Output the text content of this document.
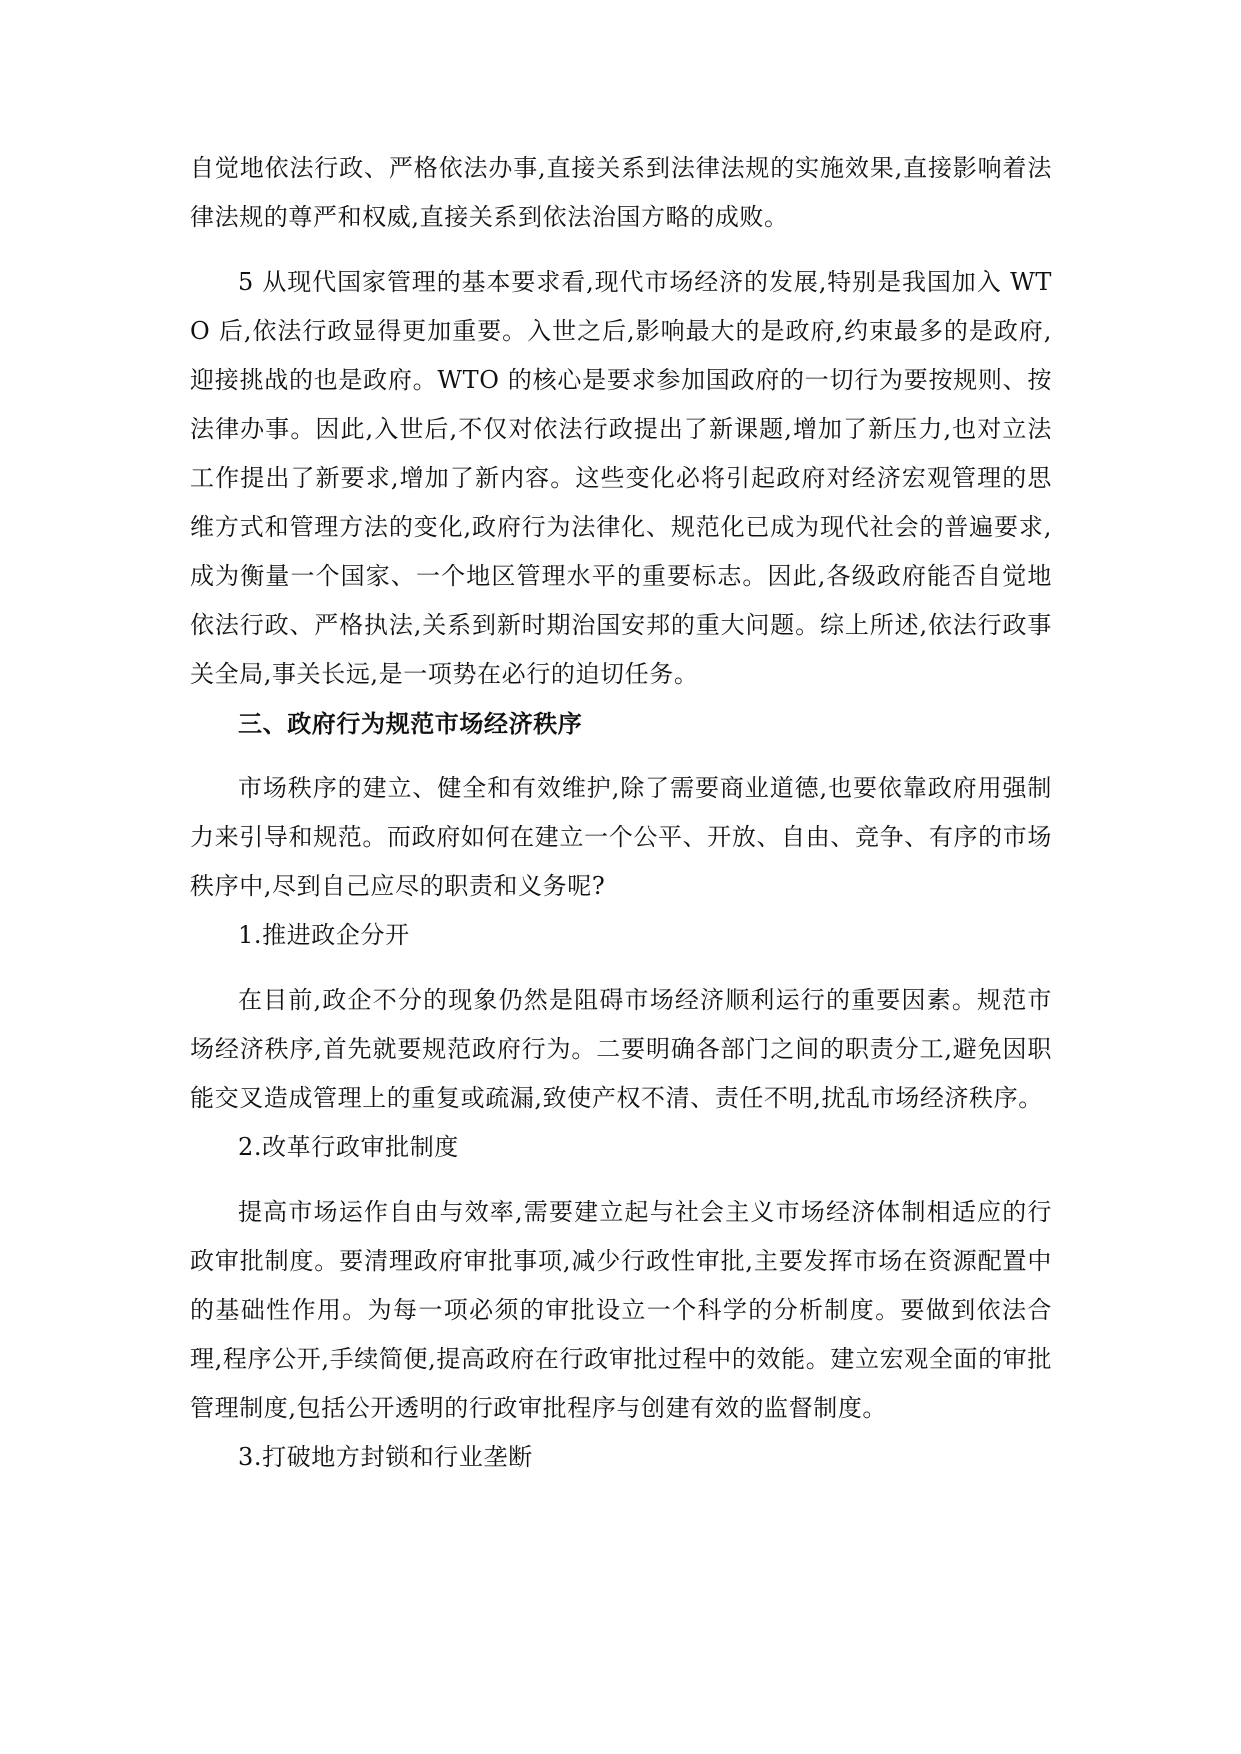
自觉地依法行政、严格依法办事,直接关系到法律法规的实施效果,直接影响着法律法规的尊严和权威,直接关系到依法治国方略的成败。

5 从现代国家管理的基本要求看,现代市场经济的发展,特别是我国加入 WTO 后,依法行政显得更加重要。入世之后,影响最大的是政府,约束最多的是政府,迎接挑战的也是政府。WTO 的核心是要求参加国政府的一切行为要按规则、按法律办事。因此,入世后,不仅对依法行政提出了新课题,增加了新压力,也对立法工作提出了新要求,增加了新内容。这些变化必将引起政府对经济宏观管理的思维方式和管理方法的变化,政府行为法律化、规范化已成为现代社会的普遍要求,成为衡量一个国家、一个地区管理水平的重要标志。因此,各级政府能否自觉地依法行政、严格执法,关系到新时期治国安邦的重大问题。综上所述,依法行政事关全局,事关长远,是一项势在必行的迫切任务。

三、政府行为规范市场经济秩序

市场秩序的建立、健全和有效维护,除了需要商业道德,也要依靠政府用强制力来引导和规范。而政府如何在建立一个公平、开放、自由、竞争、有序的市场秩序中,尽到自己应尽的职责和义务呢?

1.推进政企分开

在目前,政企不分的现象仍然是阻碍市场经济顺利运行的重要因素。规范市场经济秩序,首先就要规范政府行为。二要明确各部门之间的职责分工,避免因职能交叉造成管理上的重复或疏漏,致使产权不清、责任不明,扰乱市场经济秩序。

2.改革行政审批制度

提高市场运作自由与效率,需要建立起与社会主义市场经济体制相适应的行政审批制度。要清理政府审批事项,减少行政性审批,主要发挥市场在资源配置中的基础性作用。为每一项必须的审批设立一个科学的分析制度。要做到依法合理,程序公开,手续简便,提高政府在行政审批过程中的效能。建立宏观全面的审批管理制度,包括公开透明的行政审批程序与创建有效的监督制度。

3.打破地方封锁和行业垄断
